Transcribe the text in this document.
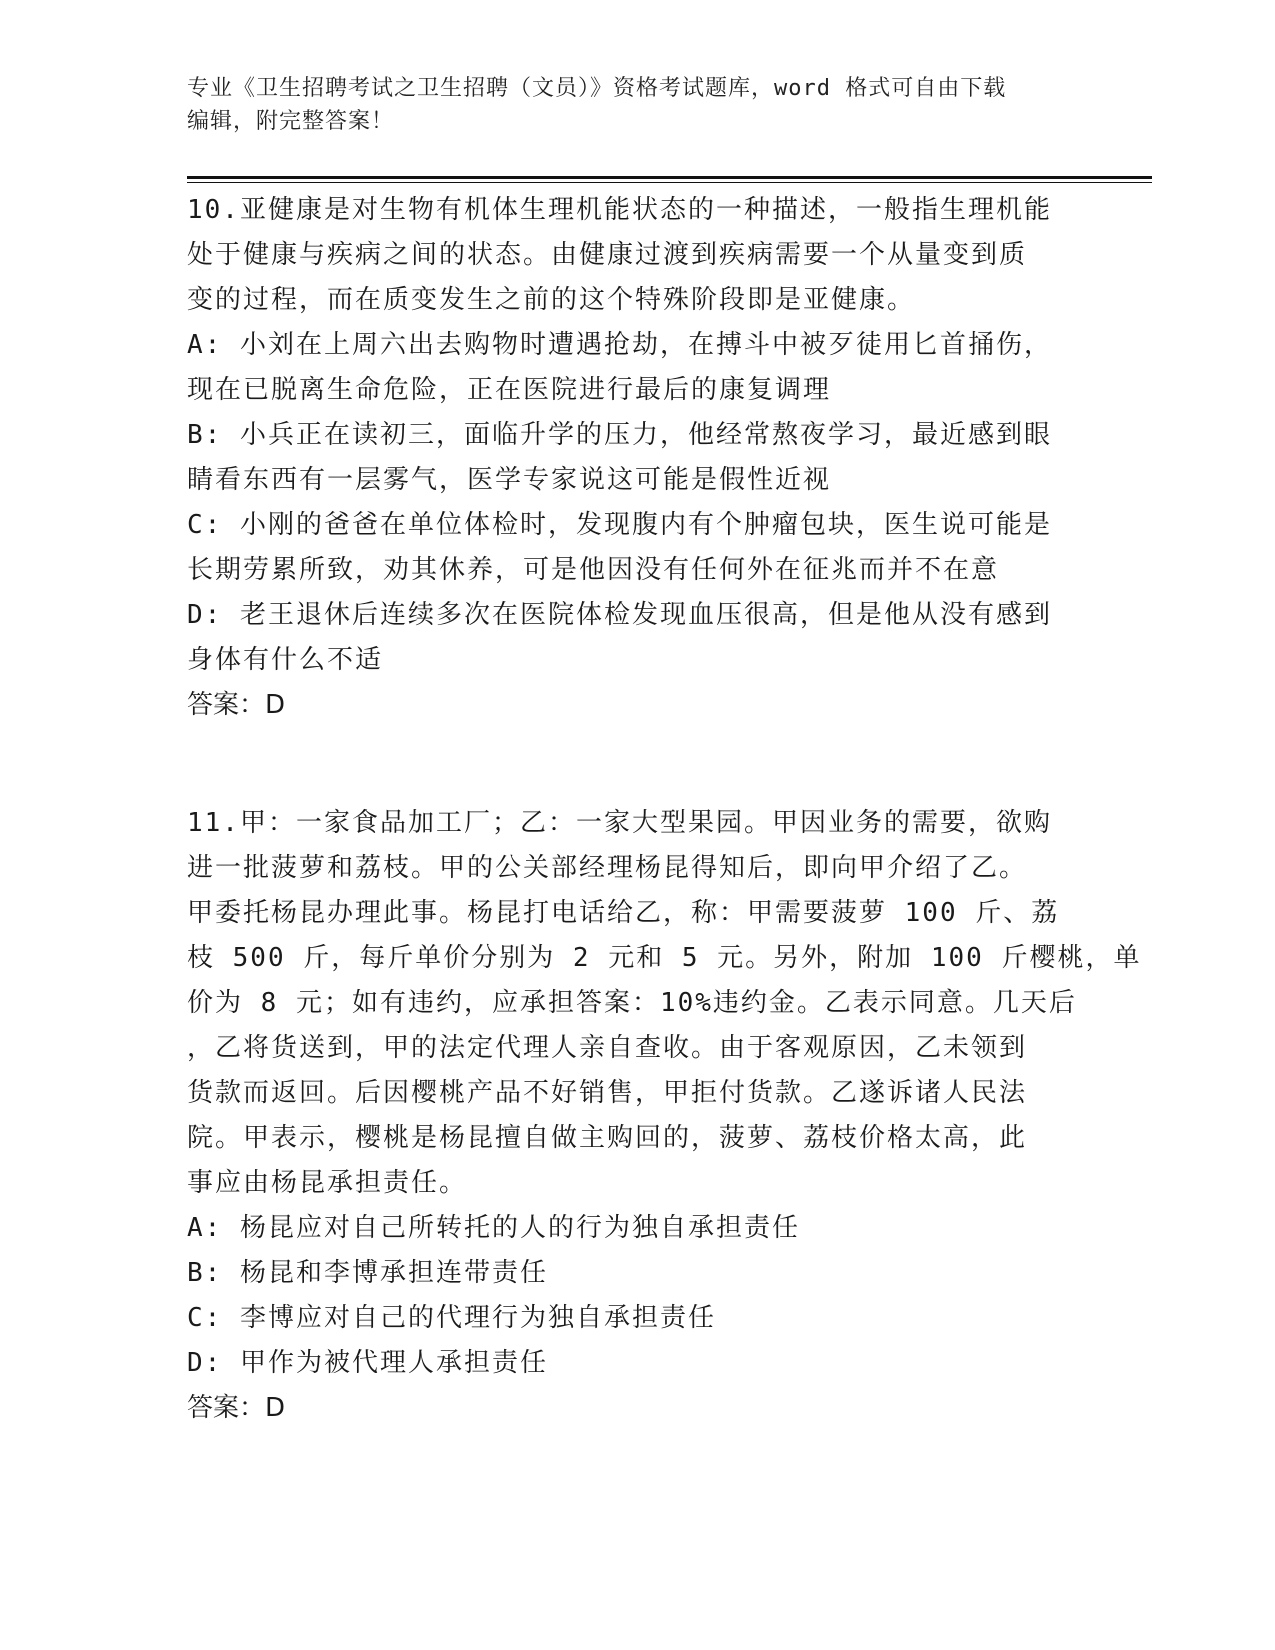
专业《卫生招聘考试之卫生招聘（文员）》资格考试题库，word 格式可自由下载

编辑，附完整答案！

10.亚健康是对生物有机体生理机能状态的一种描述，一般指生理机能

处于健康与疾病之间的状态。由健康过渡到疾病需要一个从量变到质

变的过程，而在质变发生之前的这个特殊阶段即是亚健康。

A: 小刘在上周六出去购物时遭遇抢劫，在搏斗中被歹徒用匕首捅伤，

现在已脱离生命危险，正在医院进行最后的康复调理

B: 小兵正在读初三，面临升学的压力，他经常熬夜学习，最近感到眼

睛看东西有一层雾气，医学专家说这可能是假性近视

C: 小刚的爸爸在单位体检时，发现腹内有个肿瘤包块，医生说可能是

长期劳累所致，劝其休养，可是他因没有任何外在征兆而并不在意

D: 老王退休后连续多次在医院体检发现血压很高，但是他从没有感到

身体有什么不适

答案：D

11.甲：一家食品加工厂；乙：一家大型果园。甲因业务的需要，欲购

进一批菠萝和荔枝。甲的公关部经理杨昆得知后，即向甲介绍了乙。

甲委托杨昆办理此事。杨昆打电话给乙，称：甲需要菠萝 100 斤、荔

枝 500 斤，每斤单价分别为 2 元和 5 元。另外，附加 100 斤樱桃，单

价为 8 元；如有违约，应承担答案：10%违约金。乙表示同意。几天后

，乙将货送到，甲的法定代理人亲自查收。由于客观原因，乙未领到

货款而返回。后因樱桃产品不好销售，甲拒付货款。乙遂诉诸人民法

院。甲表示，樱桃是杨昆擅自做主购回的，菠萝、荔枝价格太高，此

事应由杨昆承担责任。

A: 杨昆应对自己所转托的人的行为独自承担责任

B: 杨昆和李博承担连带责任

C: 李博应对自己的代理行为独自承担责任

D: 甲作为被代理人承担责任

答案：D
